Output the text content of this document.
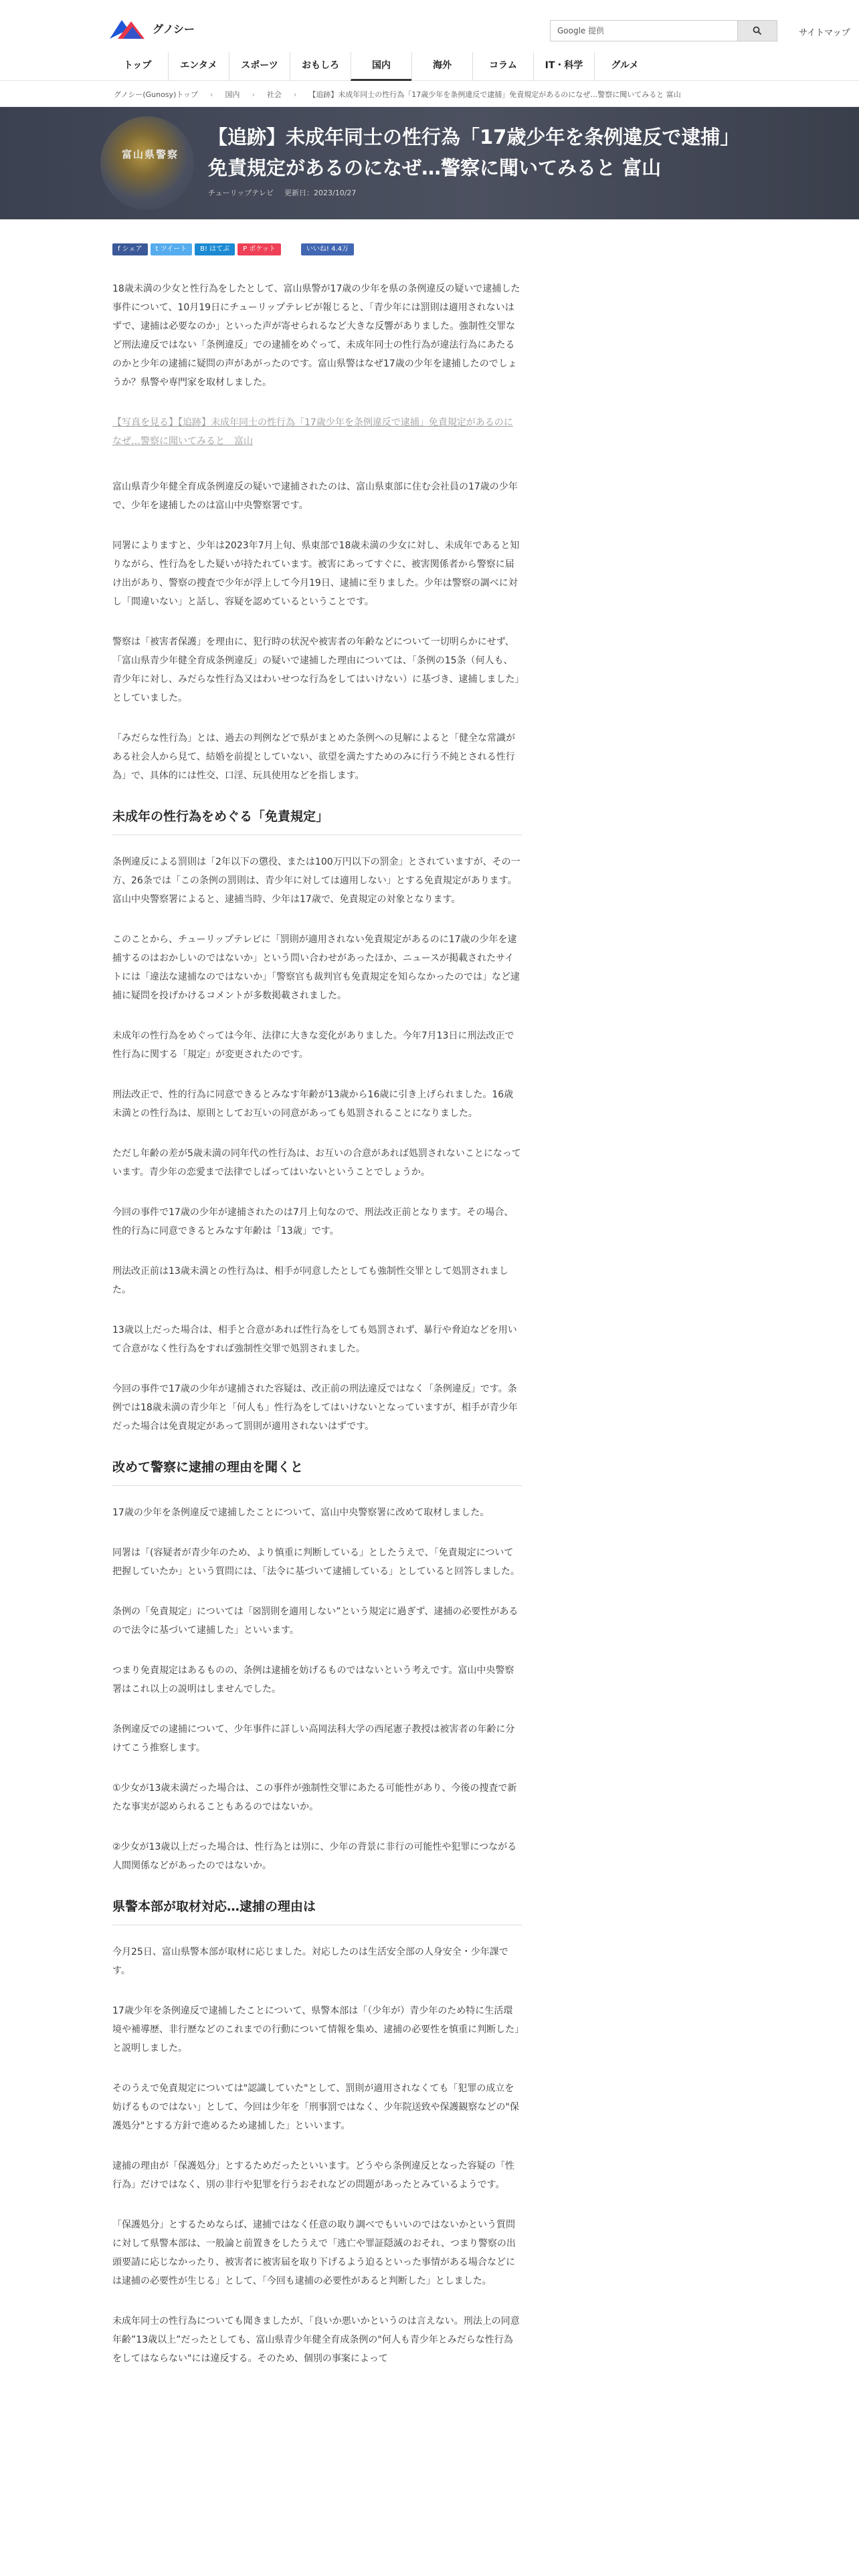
グノシー	Google 提供	サイトマップ
トップ	エンタメ	スポーツ	おもしろ	国内	海外	コラム	IT・科学	グルメ
グノシー(Gunosy)トップ ›	国内 ›	社会 ›	【追跡】未成年同士の性行為「17歳少年を条例違反で逮捕」免責規定があるのになぜ…警察に聞いてみると 富山
富山県警察
【追跡】未成年同士の性行為「17歳少年を条例違反で逮捕」免責規定があるのになぜ…警察に聞いてみると 富山
チューリップテレビ 更新日：2023/10/27
f シェア	t ツイート	B! はてぶ	P ポケット	いいね! 4.4万

18歳未満の少女と性行為をしたとして、富山県警が17歳の少年を県の条例違反の疑いで逮捕した事件について、10月19日にチューリップテレビが報じると、「青少年には罰則は適用されないはずで、逮捕は必要なのか」といった声が寄せられるなど大きな反響がありました。強制性交罪など刑法違反ではない「条例違反」での逮捕をめぐって、未成年同士の性行為が違法行為にあたるのかと少年の逮捕に疑問の声があがったのです。富山県警はなぜ17歳の少年を逮捕したのでしょうか？県警や専門家を取材しました。

【写真を見る】【追跡】未成年同士の性行為「17歳少年を条例違反で逮捕」免責規定があるのになぜ…警察に聞いてみると　富山

富山県青少年健全育成条例違反の疑いで逮捕されたのは、富山県東部に住む会社員の17歳の少年で、少年を逮捕したのは富山中央警察署です。

同署によりますと、少年は2023年7月上旬、県東部で18歳未満の少女に対し、未成年であると知りながら、性行為をした疑いが持たれています。被害にあってすぐに、被害関係者から警察に届け出があり、警察の捜査で少年が浮上して今月19日、逮捕に至りました。少年は警察の調べに対し「間違いない」と話し、容疑を認めているということです。

警察は「被害者保護」を理由に、犯行時の状況や被害者の年齢などについて一切明らかにせず、「富山県青少年健全育成条例違反」の疑いで逮捕した理由については、「条例の15条（何人も、青少年に対し、みだらな性行為又はわいせつな行為をしてはいけない）に基づき、逮捕しました」としていました。

「みだらな性行為」とは、過去の判例などで県がまとめた条例への見解によると「健全な常識がある社会人から見て、結婚を前提としていない、欲望を満たすためのみに行う不純とされる性行為」で、具体的には性交、口淫、玩具使用などを指します。

未成年の性行為をめぐる「免責規定」

条例違反による罰則は「2年以下の懲役、または100万円以下の罰金」とされていますが、その一方、26条では「この条例の罰則は、青少年に対しては適用しない」とする免責規定があります。
富山中央警察署によると、逮捕当時、少年は17歳で、免責規定の対象となります。

このことから、チューリップテレビに「罰則が適用されない免責規定があるのに17歳の少年を逮捕するのはおかしいのではないか」という問い合わせがあったほか、ニュースが掲載されたサイトには「違法な逮捕なのではないか」「警察官も裁判官も免責規定を知らなかったのでは」など逮捕に疑問を投げかけるコメントが多数掲載されました。

未成年の性行為をめぐっては今年、法律に大きな変化がありました。今年7月13日に刑法改正で性行為に関する「規定」が変更されたのです。

刑法改正で、性的行為に同意できるとみなす年齢が13歳から16歳に引き上げられました。16歳未満との性行為は、原則としてお互いの同意があっても処罰されることになりました。

ただし年齢の差が5歳未満の同年代の性行為は、お互いの合意があれば処罰されないことになっています。青少年の恋愛まで法律でしばってはいないということでしょうか。

今回の事件で17歳の少年が逮捕されたのは7月上旬なので、刑法改正前となります。その場合、性的行為に同意できるとみなす年齢は「13歳」です。

刑法改正前は13歳未満との性行為は、相手が同意したとしても強制性交罪として処罰されました。

13歳以上だった場合は、相手と合意があれば性行為をしても処罰されず、暴行や脅迫などを用いて合意がなく性行為をすれば強制性交罪で処罰されました。

今回の事件で17歳の少年が逮捕された容疑は、改正前の刑法違反ではなく「条例違反」です。条例では18歳未満の青少年と「何人も」性行為をしてはいけないとなっていますが、相手が青少年だった場合は免責規定があって罰則が適用されないはずです。

改めて警察に逮捕の理由を聞くと

17歳の少年を条例違反で逮捕したことについて、富山中央警察署に改めて取材しました。

同署は「(容疑者が青少年のため、より慎重に判断している」としたうえで、「免責規定について把握していたか」という質問には、「法令に基づいて逮捕している」としていると回答しました。

条例の「免責規定」については「☒罰則を適用しない”という規定に過ぎず、逮捕の必要性があるので法令に基づいて逮捕した」といいます。

つまり免責規定はあるものの、条例は逮捕を妨げるものではないという考えです。富山中央警察署はこれ以上の説明はしませんでした。

条例違反での逮捕について、少年事件に詳しい高岡法科大学の西尾憲子教授は被害者の年齢に分けてこう推察します。

①少女が13歳未満だった場合は、この事件が強制性交罪にあたる可能性があり、今後の捜査で新たな事実が認められることもあるのではないか。

②少女が13歳以上だった場合は、性行為とは別に、少年の背景に非行の可能性や犯罪につながる人間関係などがあったのではないか。

県警本部が取材対応…逮捕の理由は

今月25日、富山県警本部が取材に応じました。対応したのは生活安全部の人身安全・少年課です。

17歳少年を条例違反で逮捕したことについて、県警本部は「（少年が）青少年のため特に生活環境や補導歴、非行歴などのこれまでの行動について情報を集め、逮捕の必要性を慎重に判断した」と説明しました。

そのうえで免責規定については"認識していた"として、罰則が適用されなくても「犯罪の成立を妨げるものではない」として、今回は少年を「刑事罰ではなく、少年院送致や保護観察などの"保護処分"とする方針で進めるため逮捕した」といいます。

逮捕の理由が「保護処分」とするためだったといいます。どうやら条例違反となった容疑の「性行為」だけではなく、別の非行や犯罪を行うおそれなどの問題があったとみているようです。

「保護処分」とするためならば、逮捕ではなく任意の取り調べでもいいのではないかという質問に対して県警本部は、一般論と前置きをしたうえで「逃亡や罪証隠滅のおそれ、つまり警察の出頭要請に応じなかったり、被害者に被害届を取り下げるよう迫るといった事情がある場合などには逮捕の必要性が生じる」として、「今回も逮捕の必要性があると判断した」としました。

未成年同士の性行為についても聞きましたが、「良いか悪いかというのは言えない。刑法上の同意年齢”13歳以上”だったとしても、富山県青少年健全育成条例の"何人も青少年とみだらな性行為をしてはならない"には違反する。そのため、個別の事案によって
